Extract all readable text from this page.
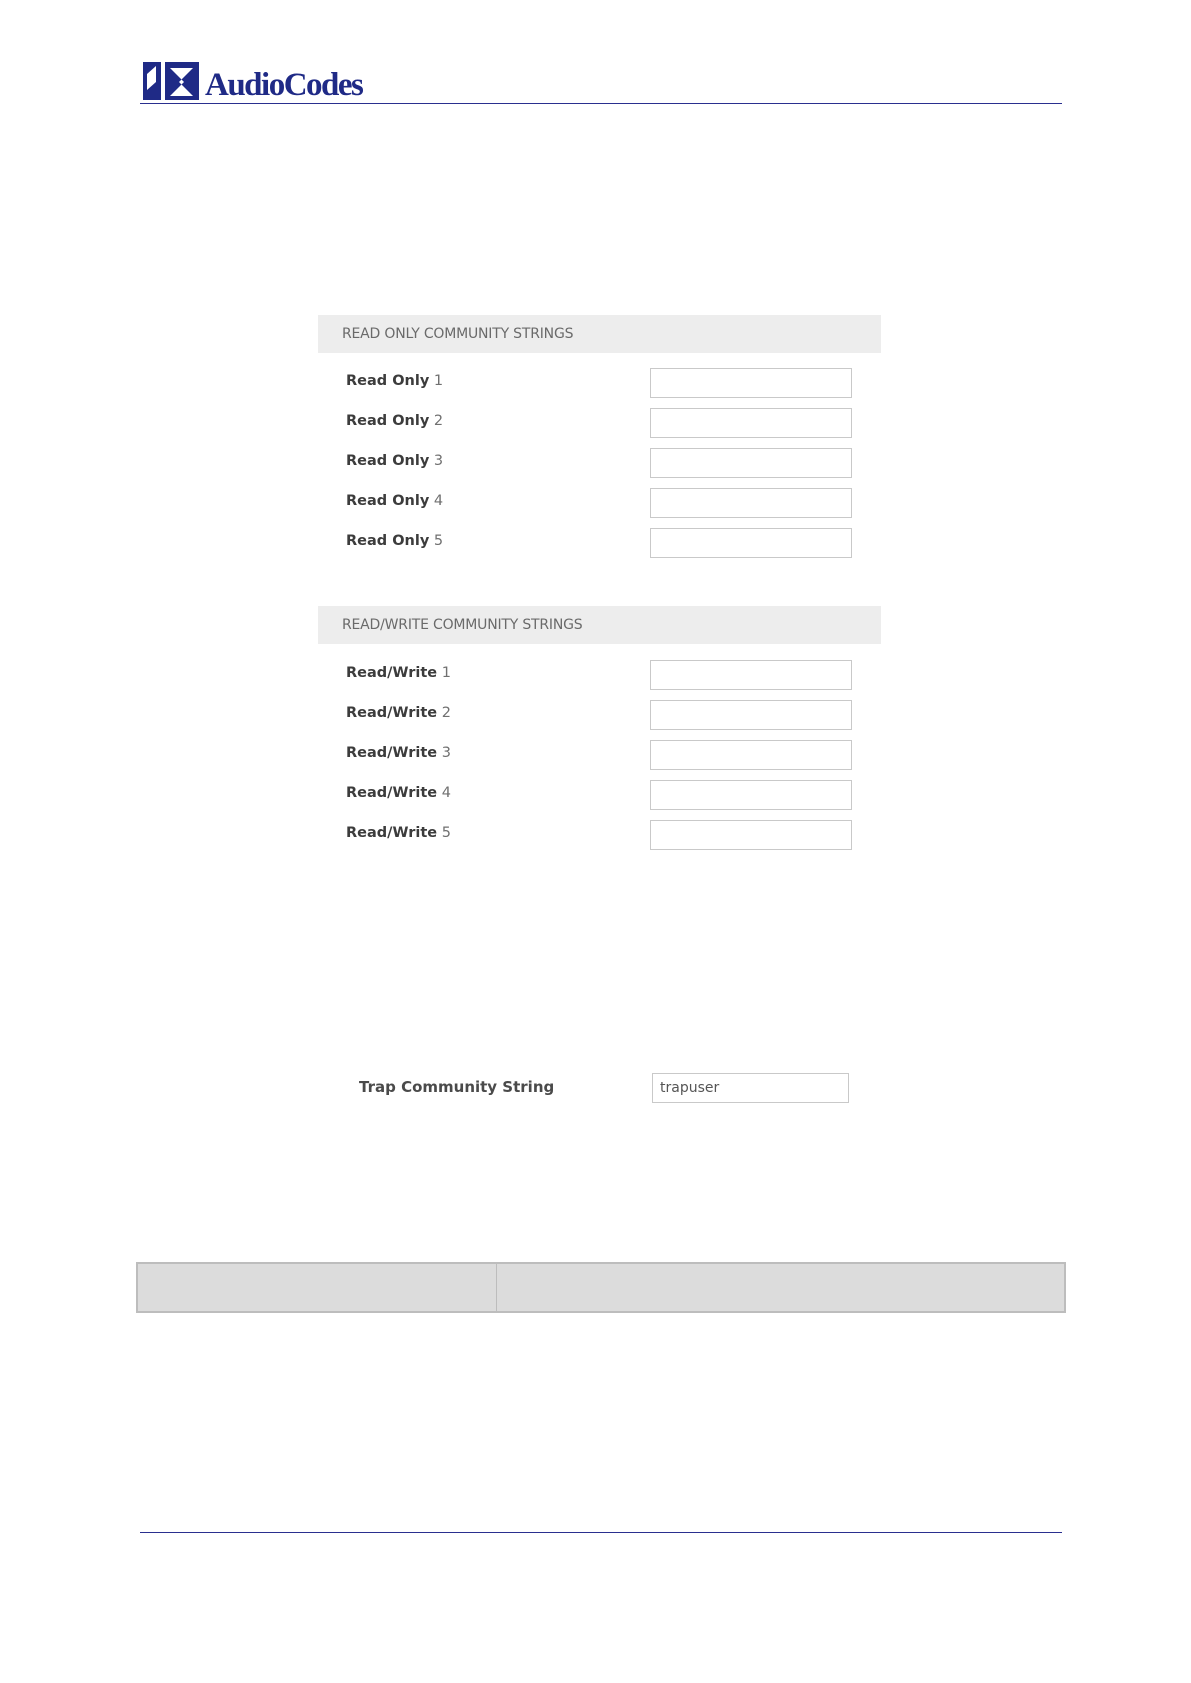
AudioCodes
READ ONLY COMMUNITY STRINGS
Read Only 1
Read Only 2
Read Only 3
Read Only 4
Read Only 5
READ/WRITE COMMUNITY STRINGS
Read/Write 1
Read/Write 2
Read/Write 3
Read/Write 4
Read/Write 5
Trap Community String
trapuser
